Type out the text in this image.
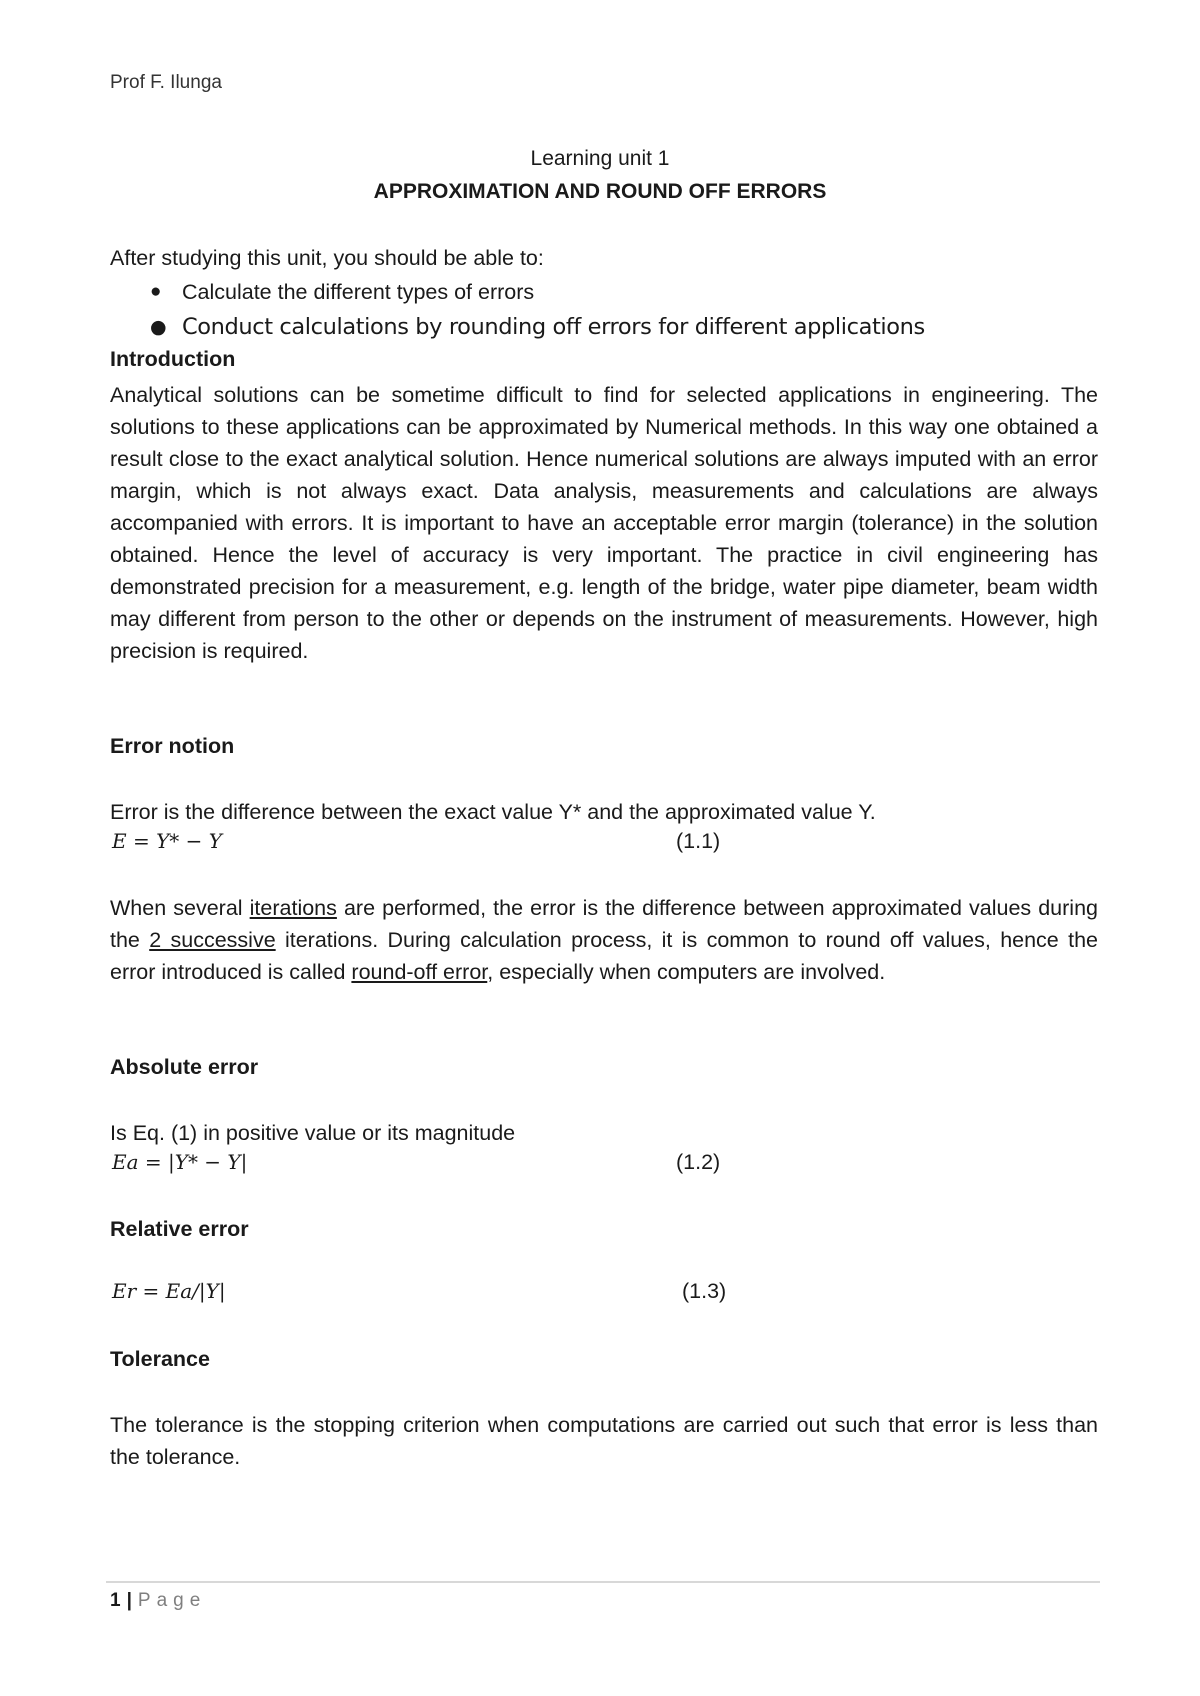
Prof F. Ilunga
Learning unit 1
APPROXIMATION AND ROUND OFF ERRORS
After studying this unit, you should be able to:
● Calculate the different types of errors
● Conduct calculations by rounding off errors for different applications
Introduction
Analytical solutions can be sometime difficult to find for selected applications in engineering. The solutions to these applications can be approximated by Numerical methods. In this way one obtained a result close to the exact analytical solution. Hence numerical solutions are always imputed with an error margin, which is not always exact. Data analysis, measurements and calculations are always accompanied with errors. It is important to have an acceptable error margin (tolerance) in the solution obtained. Hence the level of accuracy is very important. The practice in civil engineering has demonstrated precision for a measurement, e.g. length of the bridge, water pipe diameter, beam width may different from person to the other or depends on the instrument of measurements. However, high precision is required.
Error notion
Error is the difference between the exact value Y* and the approximated value Y.
E = Y* − Y	(1.1)
When several iterations are performed, the error is the difference between approximated values during the 2 successive iterations. During calculation process, it is common to round off values, hence the error introduced is called round-off error, especially when computers are involved.
Absolute error
Is Eq. (1) in positive value or its magnitude
Ea = |Y* − Y|	(1.2)
Relative error
Er = Ea/|Y|	(1.3)
Tolerance
The tolerance is the stopping criterion when computations are carried out such that error is less than the tolerance.
1 | Page
